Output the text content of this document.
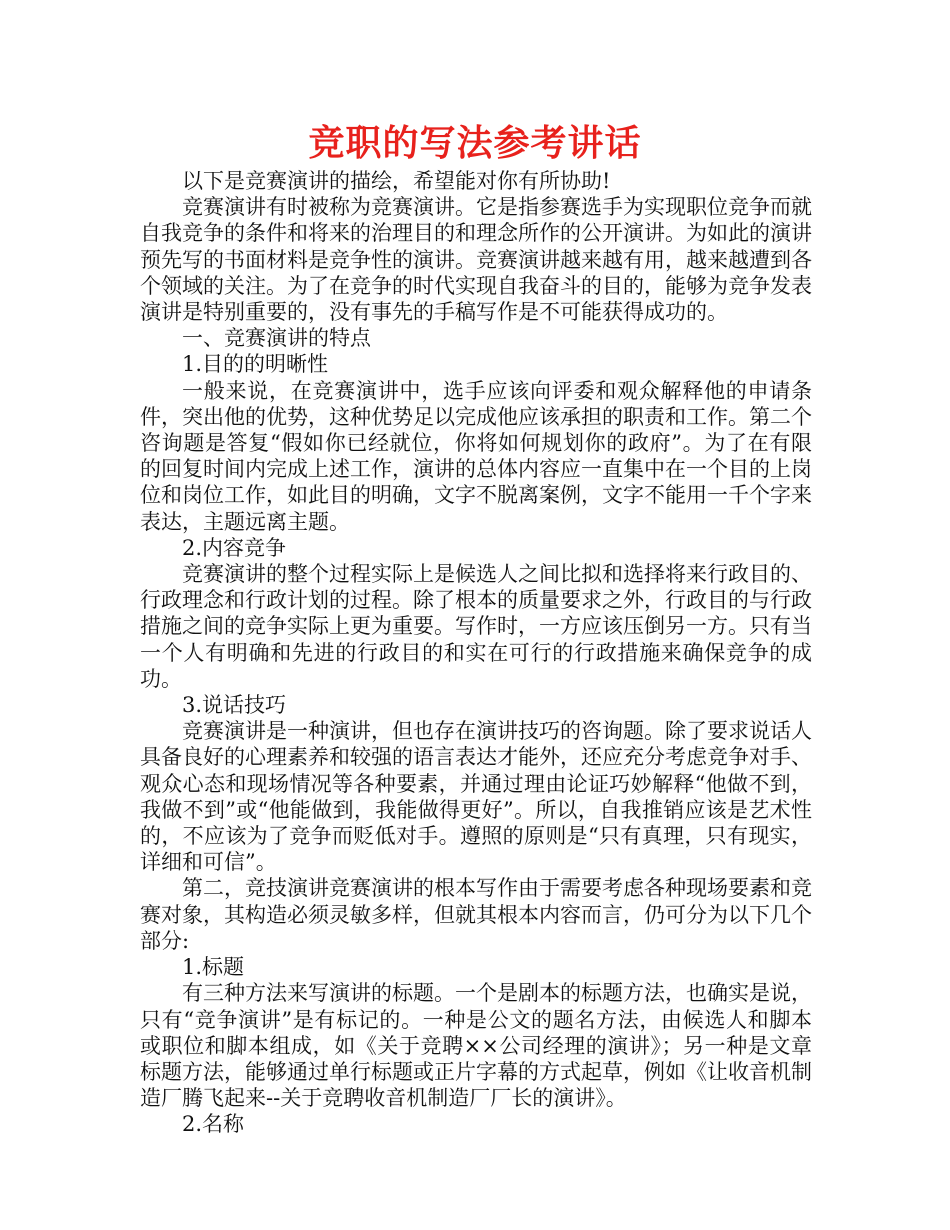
竞职的写法参考讲话

以下是竞赛演讲的描绘，希望能对你有所协助!

竞赛演讲有时被称为竞赛演讲。它是指参赛选手为实现职位竞争而就自我竞争的条件和将来的治理目的和理念所作的公开演讲。为如此的演讲预先写的书面材料是竞争性的演讲。竞赛演讲越来越有用，越来越遭到各个领域的关注。为了在竞争的时代实现自我奋斗的目的，能够为竞争发表演讲是特别重要的，没有事先的手稿写作是不可能获得成功的。

一、竞赛演讲的特点

1.目的的明晰性

一般来说，在竞赛演讲中，选手应该向评委和观众解释他的申请条件，突出他的优势，这种优势足以完成他应该承担的职责和工作。第二个咨询题是答复“假如你已经就位，你将如何规划你的政府”。为了在有限的回复时间内完成上述工作，演讲的总体内容应一直集中在一个目的上岗位和岗位工作，如此目的明确，文字不脱离案例，文字不能用一千个字来表达，主题远离主题。

2.内容竞争

竞赛演讲的整个过程实际上是候选人之间比拟和选择将来行政目的、行政理念和行政计划的过程。除了根本的质量要求之外，行政目的与行政措施之间的竞争实际上更为重要。写作时，一方应该压倒另一方。只有当一个人有明确和先进的行政目的和实在可行的行政措施来确保竞争的成功。

3.说话技巧

竞赛演讲是一种演讲，但也存在演讲技巧的咨询题。除了要求说话人具备良好的心理素养和较强的语言表达才能外，还应充分考虑竞争对手、观众心态和现场情况等各种要素，并通过理由论证巧妙解释“他做不到，我做不到”或“他能做到，我能做得更好”。所以，自我推销应该是艺术性的，不应该为了竞争而贬低对手。遵照的原则是“只有真理，只有现实，详细和可信”。

第二，竞技演讲竞赛演讲的根本写作由于需要考虑各种现场要素和竞赛对象，其构造必须灵敏多样，但就其根本内容而言，仍可分为以下几个部分:

1.标题

有三种方法来写演讲的标题。一个是剧本的标题方法，也确实是说，只有“竞争演讲”是有标记的。一种是公文的题名方法，由候选人和脚本或职位和脚本组成，如《关于竞聘××公司经理的演讲》；另一种是文章标题方法，能够通过单行标题或正片字幕的方式起草，例如《让收音机制造厂腾飞起来--关于竞聘收音机制造厂厂长的演讲》。

2.名称
